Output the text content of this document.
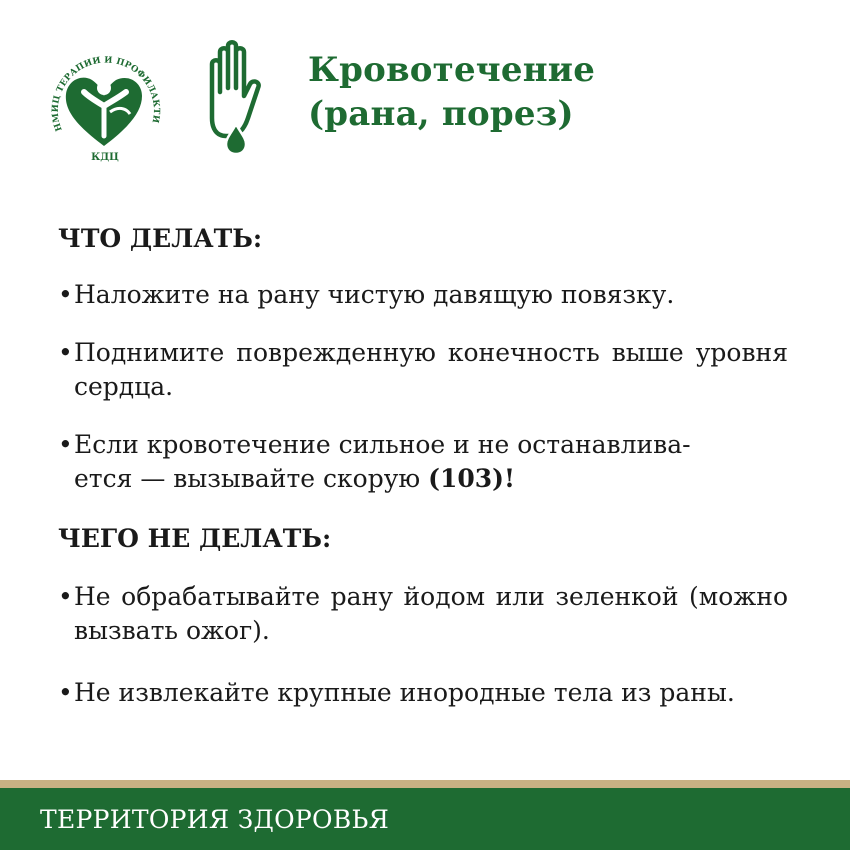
НМИЦ ТЕРАПИИ И ПРОФИЛАКТИ
КДЦ
Кровотечение
(рана, порез)
ЧТО ДЕЛАТЬ:
• Наложите на рану чистую давящую повязку.
• Поднимите поврежденную конечность выше уровня сердца.
• Если кровотечение сильное и не останавлива-
ется — вызывайте скорую (103)!
ЧЕГО НЕ ДЕЛАТЬ:
• Не обрабатывайте рану йодом или зеленкой (можно вызвать ожог).
• Не извлекайте крупные инородные тела из раны.
ТЕРРИТОРИЯ ЗДОРОВЬЯ
